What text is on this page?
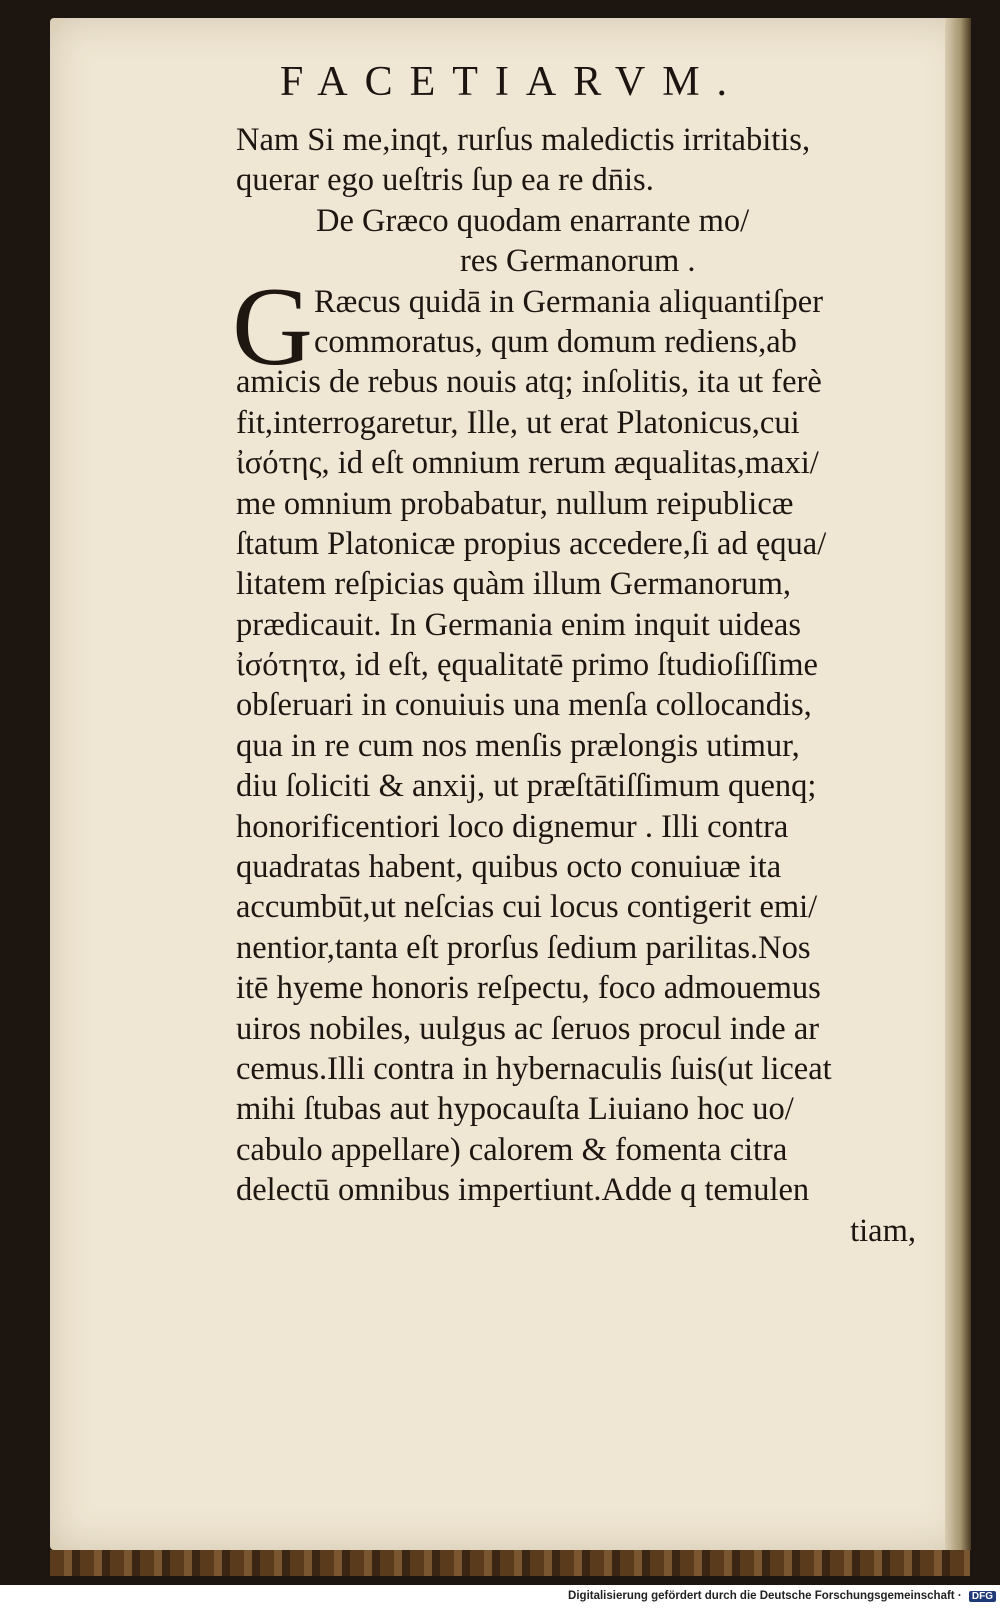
FACETIARVM.
Nam Si me,inqt, rurſus maledictis irritabitis,
querar ego ueſtris ſup ea re dn̄is.
De Græco quodam enarrante mo/
res Germanorum .
Ræcus quidā in Germania aliquantiſper
commoratus, qum domum rediens,ab
amicis de rebus nouis atq; inſolitis, ita ut ferè
fit,interrogaretur, Ille, ut erat Platonicus,cui
ἰσότης, id eſt omnium rerum æqualitas,maxi/
me omnium probabatur, nullum reipublicæ
ſtatum Platonicæ propius accedere,ſi ad ęqua/
litatem reſpicias quàm illum Germanorum,
prædicauit. In Germania enim inquit uideas
ἰσότητα, id eſt, ęqualitatē primo ſtudioſiſſime
obſeruari in conuiuis una menſa collocandis,
qua in re cum nos menſis prælongis utimur,
diu ſoliciti & anxij, ut præſtātiſſimum quenq;
honorificentiori loco dignemur . Illi contra
quadratas habent, quibus octo conuiuæ ita
accumbūt,ut neſcias cui locus contigerit emi/
nentior,tanta eſt prorſus ſedium parilitas.Nos
itē hyeme honoris reſpectu, foco admouemus
uiros nobiles, uulgus ac ſeruos procul inde ar
cemus.Illi contra in hybernaculis ſuis(ut liceat
mihi ſtubas aut hypocauſta Liuiano hoc uo/
cabulo appellare) calorem & fomenta citra
delectū omnibus impertiunt.Adde q temulen
tiam,
G
Digitalisierung gefördert durch die Deutsche Forschungsgemeinschaft · DFG
